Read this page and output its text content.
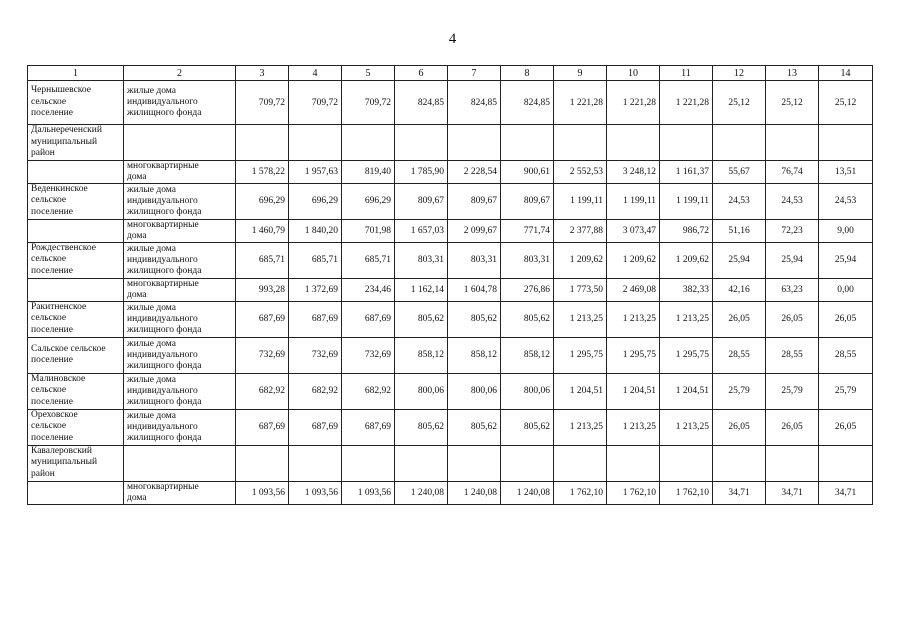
4
1	2	3	4	5	6	7	8	9	10	11	12	13	14

Чернышевское
сельское
поселение	жилые дома
индивидуального
жилищного фонда	709,72	709,72	709,72	824,85	824,85	824,85	1 221,28	1 221,28	1 221,28	25,12	25,12	25,12

Дальнереченский
муниципальный
район													

	многоквартирные
дома	1 578,22	1 957,63	819,40	1 785,90	2 228,54	900,61	2 552,53	3 248,12	1 161,37	55,67	76,74	13,51

Веденкинское
сельское
поселение	жилые дома
индивидуального
жилищного фонда	696,29	696,29	696,29	809,67	809,67	809,67	1 199,11	1 199,11	1 199,11	24,53	24,53	24,53

	многоквартирные
дома	1 460,79	1 840,20	701,98	1 657,03	2 099,67	771,74	2 377,88	3 073,47	986,72	51,16	72,23	9,00

Рождественское
сельское
поселение	жилые дома
индивидуального
жилищного фонда	685,71	685,71	685,71	803,31	803,31	803,31	1 209,62	1 209,62	1 209,62	25,94	25,94	25,94

	многоквартирные
дома	993,28	1 372,69	234,46	1 162,14	1 604,78	276,86	1 773,50	2 469,08	382,33	42,16	63,23	0,00

Ракитненское
сельское
поселение	жилые дома
индивидуального
жилищного фонда	687,69	687,69	687,69	805,62	805,62	805,62	1 213,25	1 213,25	1 213,25	26,05	26,05	26,05

Сальское сельское
поселение	жилые дома
индивидуального
жилищного фонда	732,69	732,69	732,69	858,12	858,12	858,12	1 295,75	1 295,75	1 295,75	28,55	28,55	28,55

Малиновское
сельское
поселение	жилые дома
индивидуального
жилищного фонда	682,92	682,92	682,92	800,06	800,06	800,06	1 204,51	1 204,51	1 204,51	25,79	25,79	25,79

Ореховское
сельское
поселение	жилые дома
индивидуального
жилищного фонда	687,69	687,69	687,69	805,62	805,62	805,62	1 213,25	1 213,25	1 213,25	26,05	26,05	26,05

Кавалеровский
муниципальный
район													

	многоквартирные
дома	1 093,56	1 093,56	1 093,56	1 240,08	1 240,08	1 240,08	1 762,10	1 762,10	1 762,10	34,71	34,71	34,71
